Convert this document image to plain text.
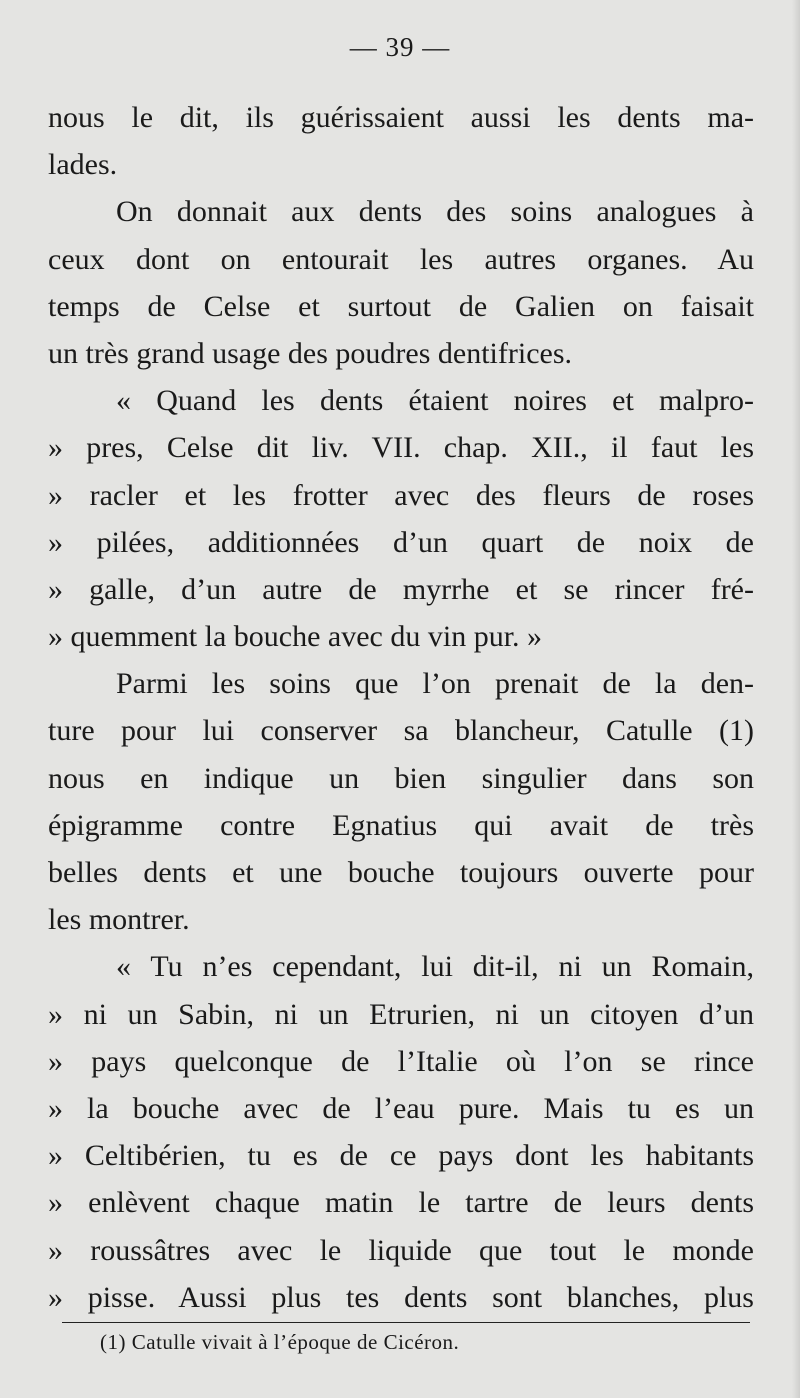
— 39 —
nous le dit, ils guérissaient aussi les dents ma-
lades.
On donnait aux dents des soins analogues à
ceux dont on entourait les autres organes. Au
temps de Celse et surtout de Galien on faisait
un très grand usage des poudres dentifrices.
« Quand les dents étaient noires et malpro-
» pres, Celse dit liv. VII. chap. XII., il faut les
» racler et les frotter avec des fleurs de roses
» pilées, additionnées d’un quart de noix de
» galle, d’un autre de myrrhe et se rincer fré-
» quemment la bouche avec du vin pur. »
Parmi les soins que l’on prenait de la den-
ture pour lui conserver sa blancheur, Catulle (1)
nous en indique un bien singulier dans son
épigramme contre Egnatius qui avait de très
belles dents et une bouche toujours ouverte pour
les montrer.
« Tu n’es cependant, lui dit-il, ni un Romain,
» ni un Sabin, ni un Etrurien, ni un citoyen d’un
» pays quelconque de l’Italie où l’on se rince
» la bouche avec de l’eau pure. Mais tu es un
» Celtibérien, tu es de ce pays dont les habitants
» enlèvent chaque matin le tartre de leurs dents
» roussâtres avec le liquide que tout le monde
» pisse. Aussi plus tes dents sont blanches, plus
(1) Catulle vivait à l’époque de Cicéron.
